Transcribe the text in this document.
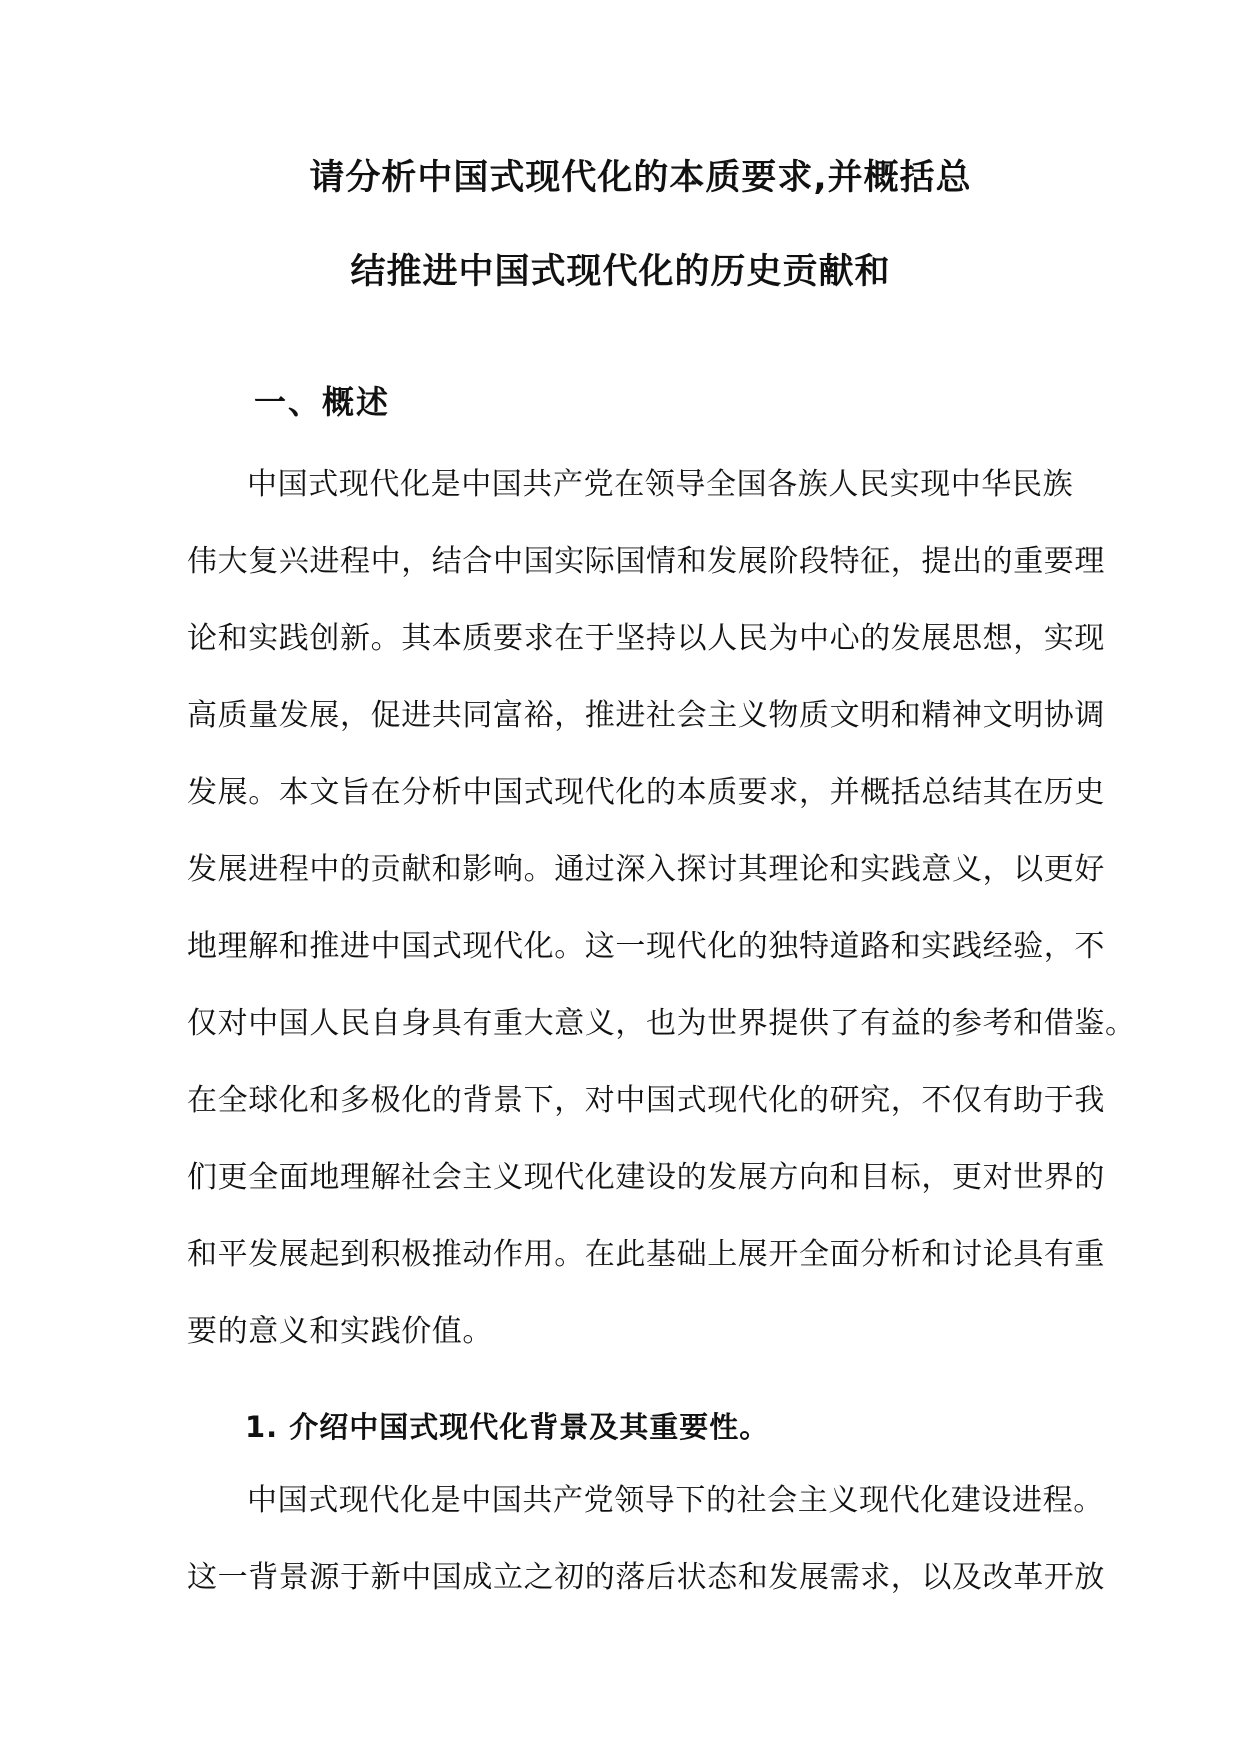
请分析中国式现代化的本质要求,并概括总
结推进中国式现代化的历史贡献和
一、概述
中国式现代化是中国共产党在领导全国各族人民实现中华民族
伟大复兴进程中，结合中国实际国情和发展阶段特征，提出的重要理
论和实践创新。其本质要求在于坚持以人民为中心的发展思想，实现
高质量发展，促进共同富裕，推进社会主义物质文明和精神文明协调
发展。本文旨在分析中国式现代化的本质要求，并概括总结其在历史
发展进程中的贡献和影响。通过深入探讨其理论和实践意义，以更好
地理解和推进中国式现代化。这一现代化的独特道路和实践经验，不
仅对中国人民自身具有重大意义，也为世界提供了有益的参考和借鉴。
在全球化和多极化的背景下，对中国式现代化的研究，不仅有助于我
们更全面地理解社会主义现代化建设的发展方向和目标，更对世界的
和平发展起到积极推动作用。在此基础上展开全面分析和讨论具有重
要的意义和实践价值。
1. 介绍中国式现代化背景及其重要性。
中国式现代化是中国共产党领导下的社会主义现代化建设进程。
这一背景源于新中国成立之初的落后状态和发展需求，以及改革开放
